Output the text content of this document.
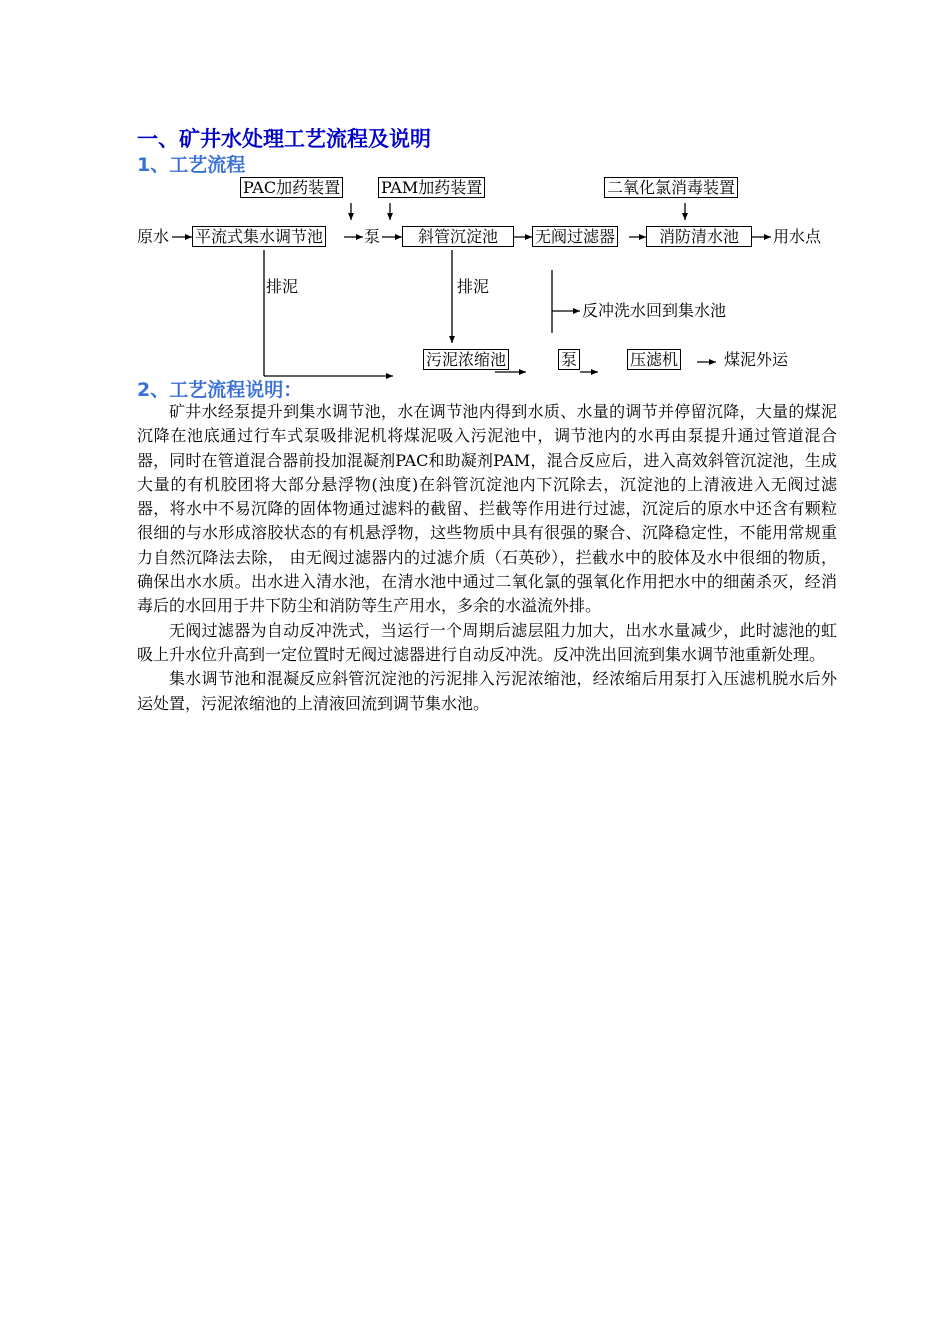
一、矿井水处理工艺流程及说明
1、工艺流程
PAC加药装置	PAM加药装置	二氧化氯消毒装置
原水 平流式集水调节池	泵	斜管沉淀池	无阀过滤器	消防清水池	用水点
排泥	排泥
反冲洗水回到集水池
污泥浓缩池	泵	压滤机	煤泥外运
2、工艺流程说明：

矿井水经泵提升到集水调节池，水在调节池内得到水质、水量的调节并停留沉降，大量的煤泥沉降在池底通过行车式泵吸排泥机将煤泥吸入污泥池中，调节池内的水再由泵提升通过管道混合器，同时在管道混合器前投加混凝剂PAC和助凝剂PAM，混合反应后，进入高效斜管沉淀池，生成大量的有机胶团将大部分悬浮物(浊度)在斜管沉淀池内下沉除去，沉淀池的上清液进入无阀过滤器，将水中不易沉降的固体物通过滤料的截留、拦截等作用进行过滤，沉淀后的原水中还含有颗粒很细的与水形成溶胶状态的有机悬浮物，这些物质中具有很强的聚合、沉降稳定性，不能用常规重力自然沉降法去除， 由无阀过滤器内的过滤介质（石英砂），拦截水中的胶体及水中很细的物质，确保出水水质。出水进入清水池，在清水池中通过二氧化氯的强氧化作用把水中的细菌杀灭，经消毒后的水回用于井下防尘和消防等生产用水，多余的水溢流外排。

无阀过滤器为自动反冲洗式，当运行一个周期后滤层阻力加大，出水水量减少，此时滤池的虹吸上升水位升高到一定位置时无阀过滤器进行自动反冲洗。反冲洗出回流到集水调节池重新处理。

集水调节池和混凝反应斜管沉淀池的污泥排入污泥浓缩池，经浓缩后用泵打入压滤机脱水后外运处置，污泥浓缩池的上清液回流到调节集水池。
